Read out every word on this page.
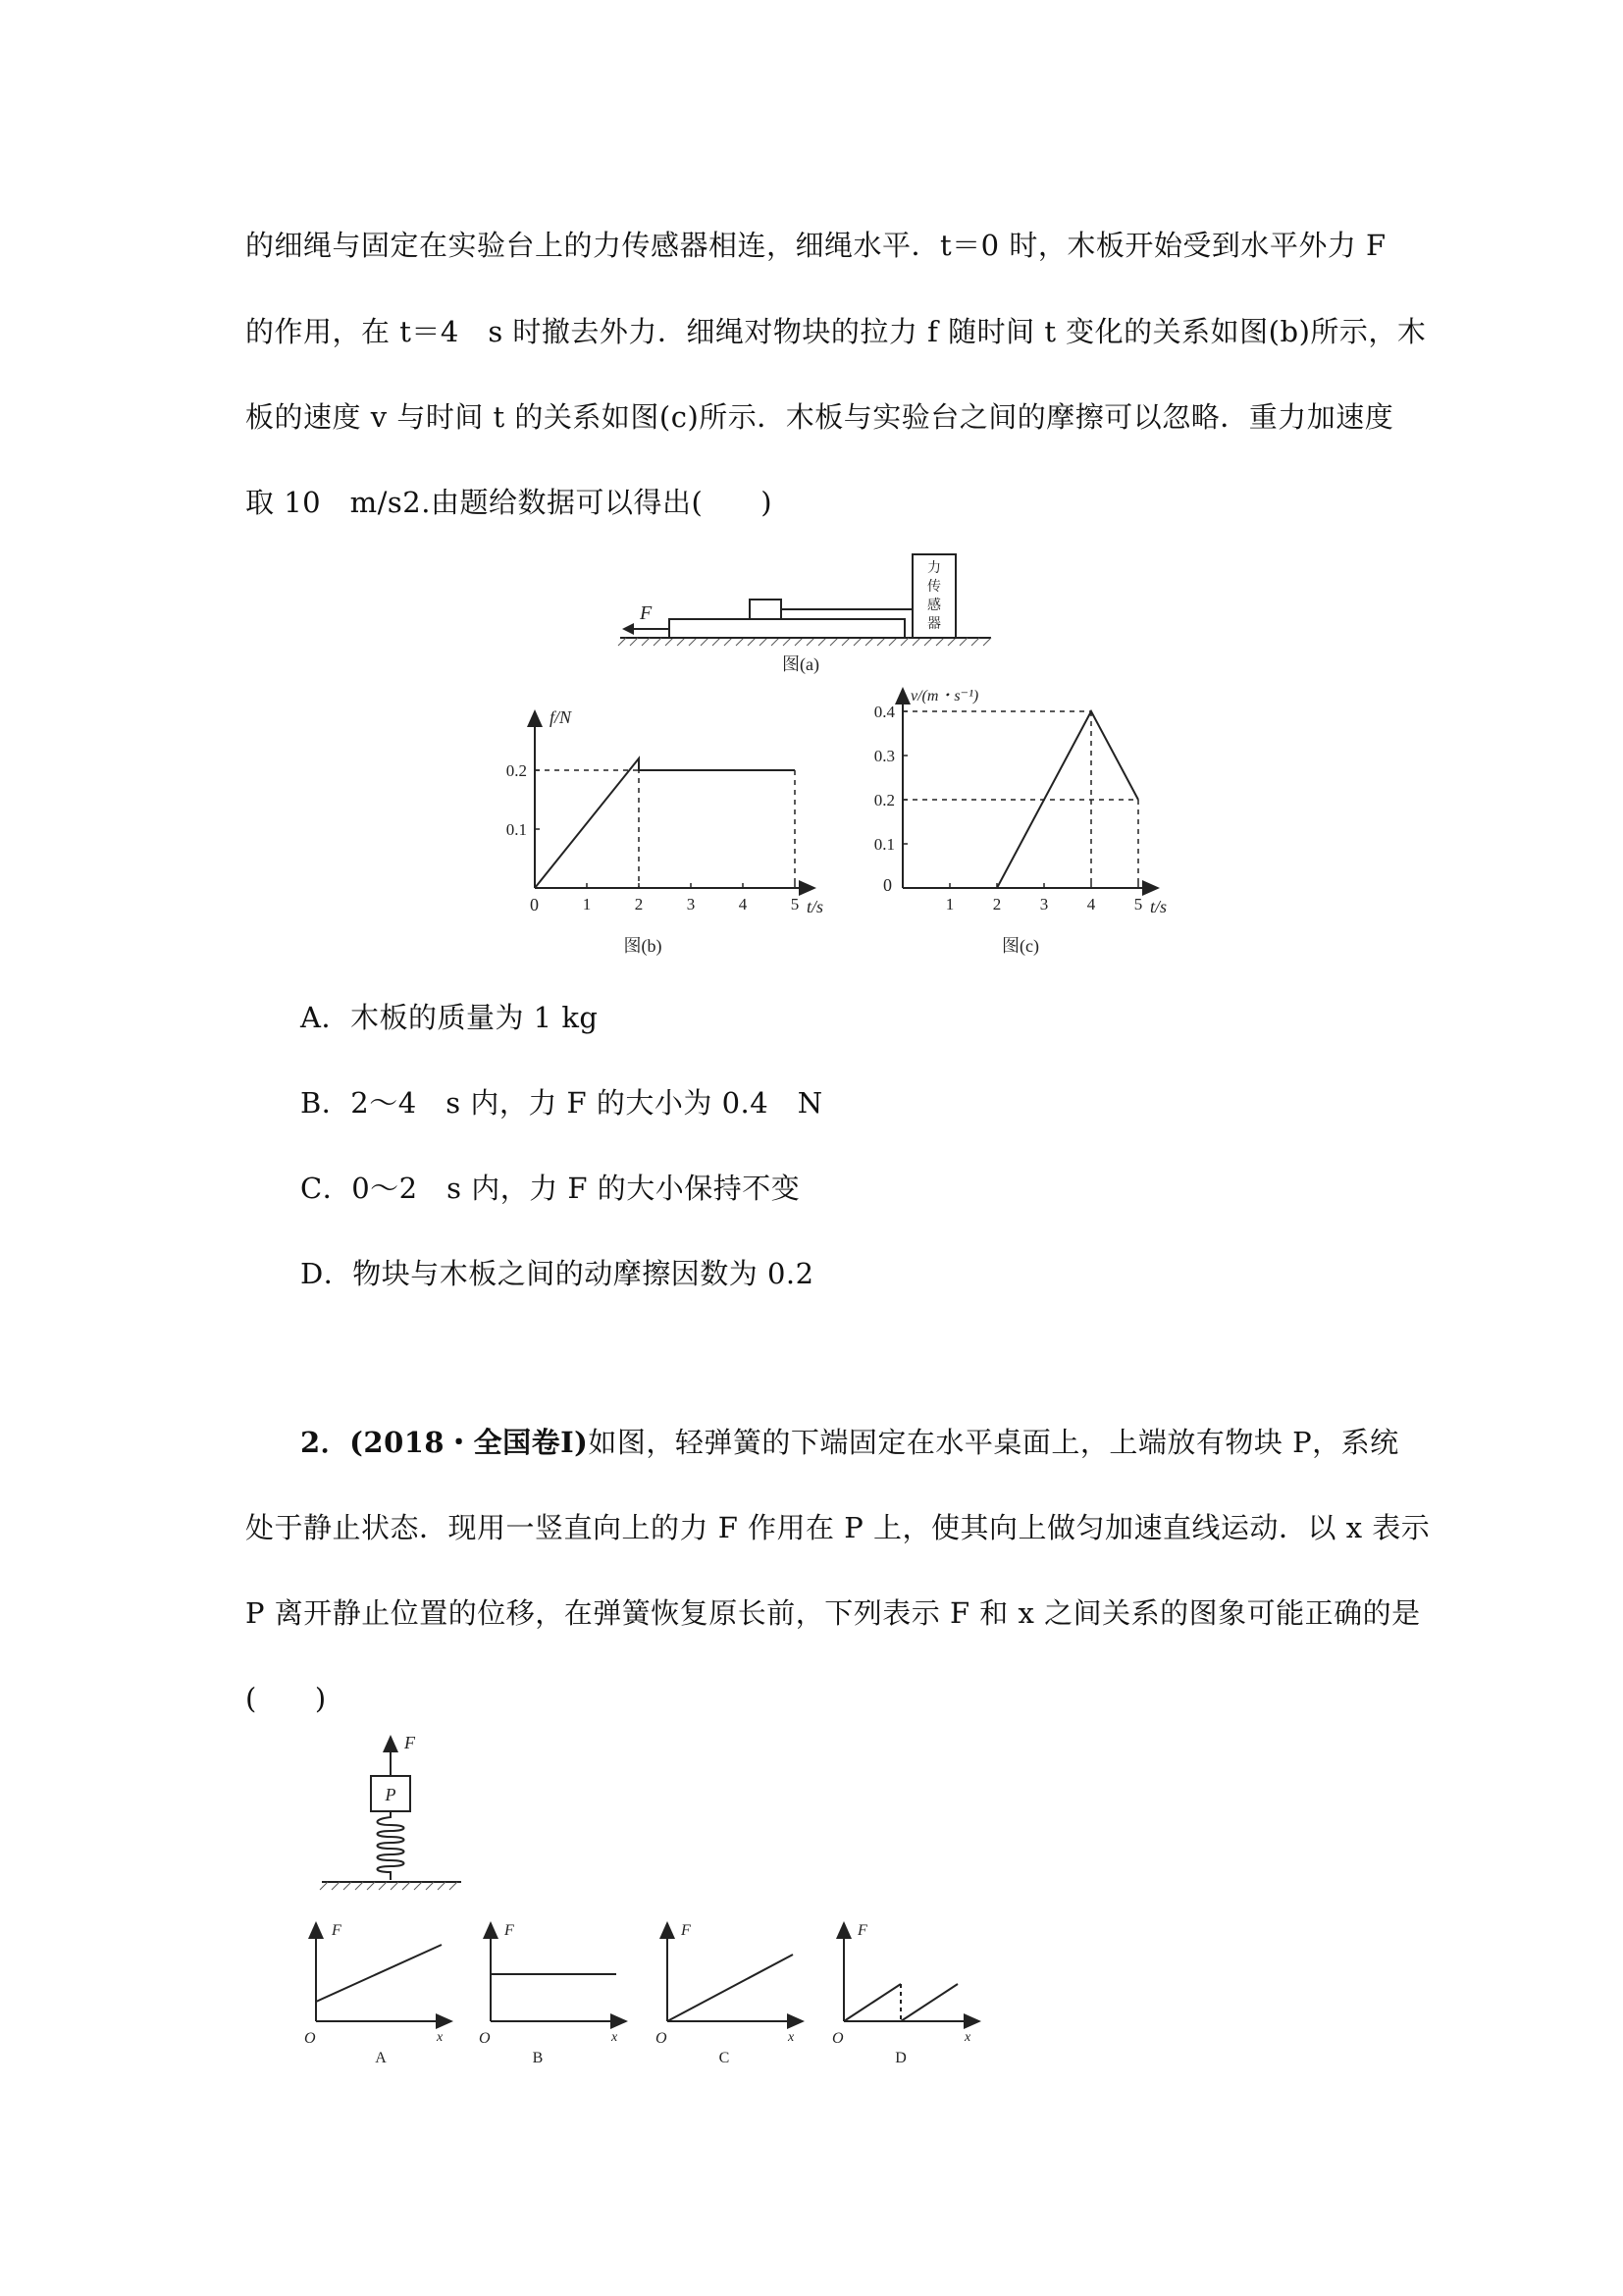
的细绳与固定在实验台上的力传感器相连，细绳水平．t＝0 时，木板开始受到水平外力 F
的作用，在 t＝4　s 时撤去外力．细绳对物块的拉力 f 随时间 t 变化的关系如图(b)所示，木
板的速度 v 与时间 t 的关系如图(c)所示．木板与实验台之间的摩擦可以忽略．重力加速度
取 10　m/s2.由题给数据可以得出(　　)
力
传
感
器
F
图(a)
1	2	3	4	5
0.1
0.2
f/N
t/s
0
图(b)
1 2 3 4 5
0.1
0.2
0.3
0.4
v/(m・s⁻¹)
t/s
0
图(c)
A．木板的质量为 1 kg
B．2～4　s 内，力 F 的大小为 0.4　N
C．0～2　s 内，力 F 的大小保持不变
D．物块与木板之间的动摩擦因数为 0.2
2．(2018・全国卷Ⅰ)如图，轻弹簧的下端固定在水平桌面上，上端放有物块 P，系统
处于静止状态．现用一竖直向上的力 F 作用在 P 上，使其向上做匀加速直线运动．以 x 表示
P 离开静止位置的位移，在弹簧恢复原长前，下列表示 F 和 x 之间关系的图象可能正确的是
(　　)
F
P
F
x
O
A
F
x
O
B
F
x
O
C
F
x
O
D
